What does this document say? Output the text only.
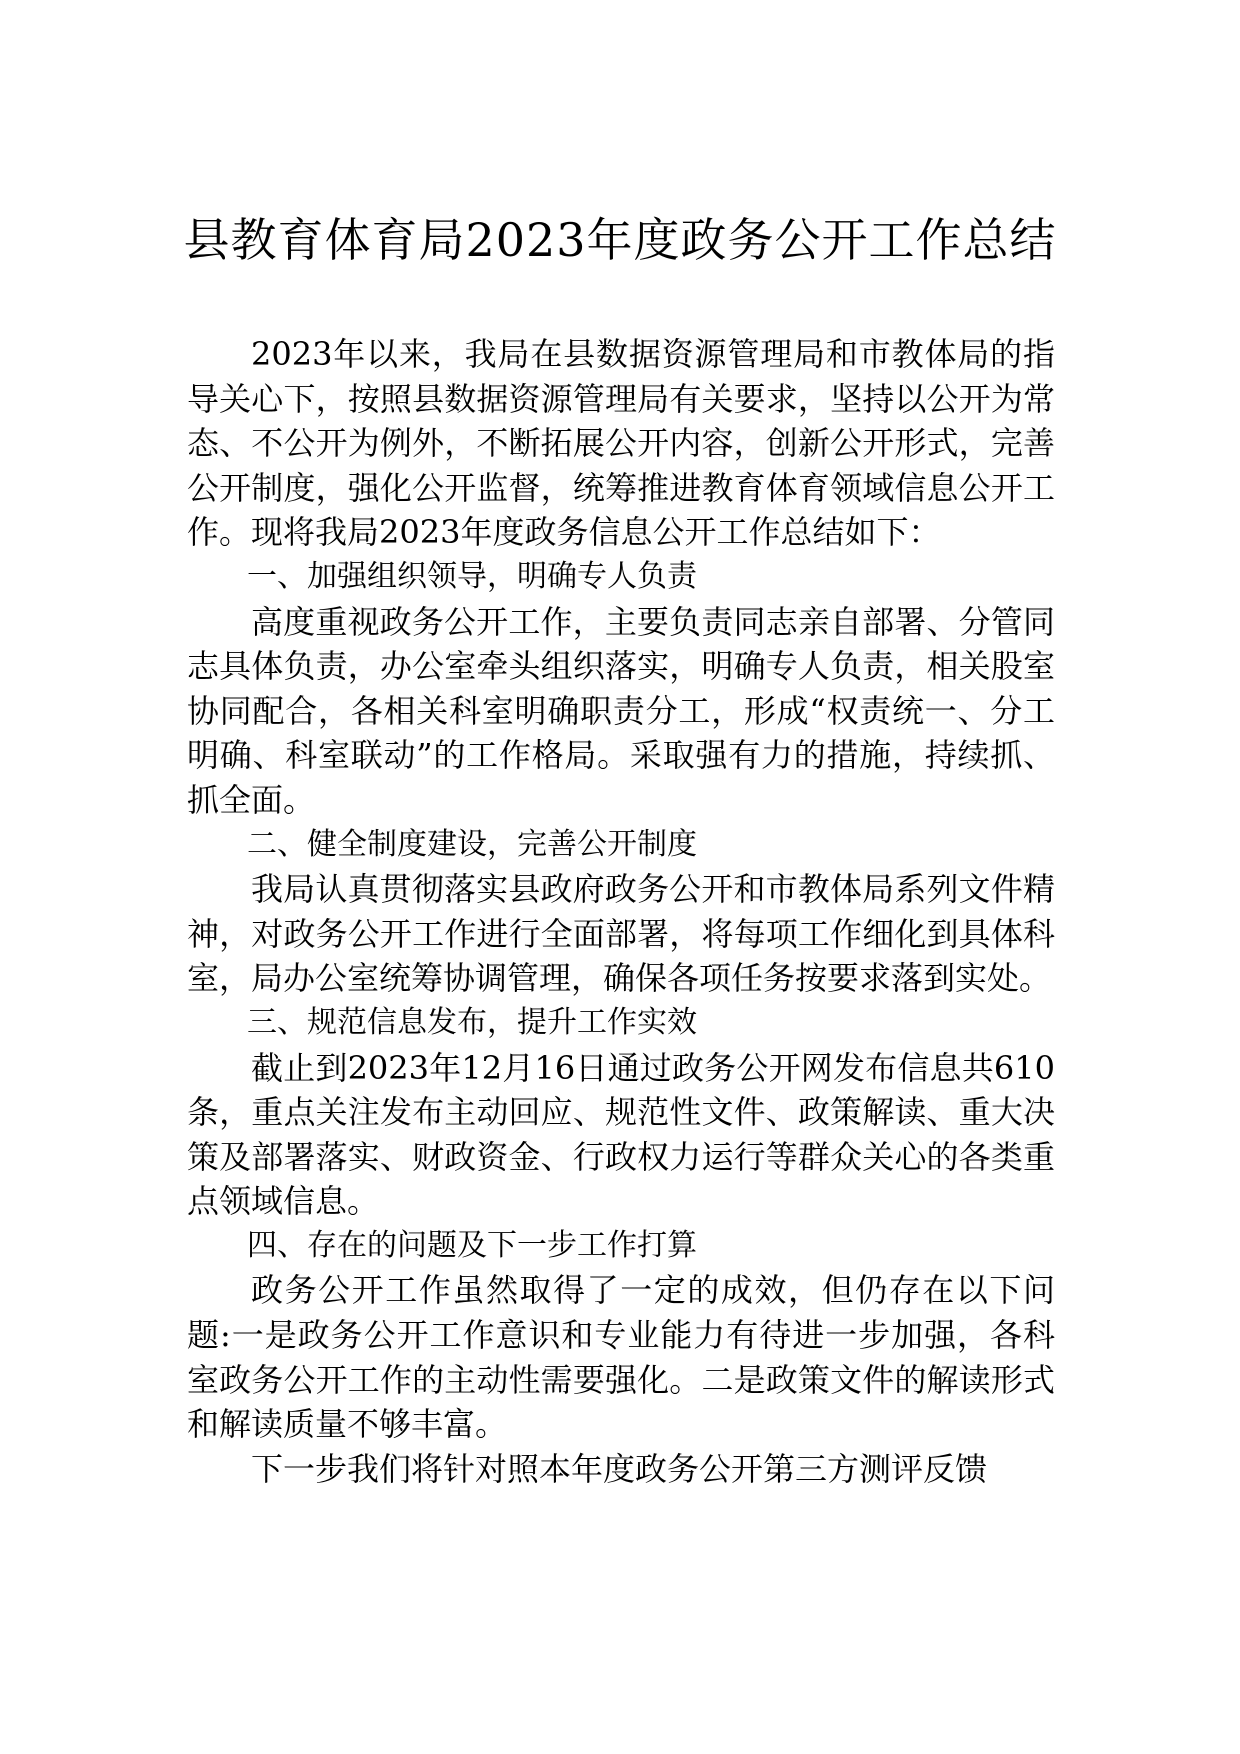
县教育体育局2023年度政务公开工作总结

2023年以来，我局在县数据资源管理局和市教体局的指导关心下，按照县数据资源管理局有关要求，坚持以公开为常态、不公开为例外，不断拓展公开内容，创新公开形式，完善公开制度，强化公开监督，统筹推进教育体育领域信息公开工作。现将我局2023年度政务信息公开工作总结如下：

一、加强组织领导，明确专人负责

高度重视政务公开工作，主要负责同志亲自部署、分管同志具体负责，办公室牵头组织落实，明确专人负责，相关股室协同配合，各相关科室明确职责分工，形成“权责统一、分工明确、科室联动”的工作格局。采取强有力的措施，持续抓、抓全面。

二、健全制度建设，完善公开制度

我局认真贯彻落实县政府政务公开和市教体局系列文件精神，对政务公开工作进行全面部署，将每项工作细化到具体科室，局办公室统筹协调管理，确保各项任务按要求落到实处。

三、规范信息发布，提升工作实效

截止到2023年12月16日通过政务公开网发布信息共610条，重点关注发布主动回应、规范性文件、政策解读、重大决策及部署落实、财政资金、行政权力运行等群众关心的各类重点领域信息。

四、存在的问题及下一步工作打算

政务公开工作虽然取得了一定的成效，但仍存在以下问题:一是政务公开工作意识和专业能力有待进一步加强，各科室政务公开工作的主动性需要强化。二是政策文件的解读形式和解读质量不够丰富。

下一步我们将针对照本年度政务公开第三方测评反馈
